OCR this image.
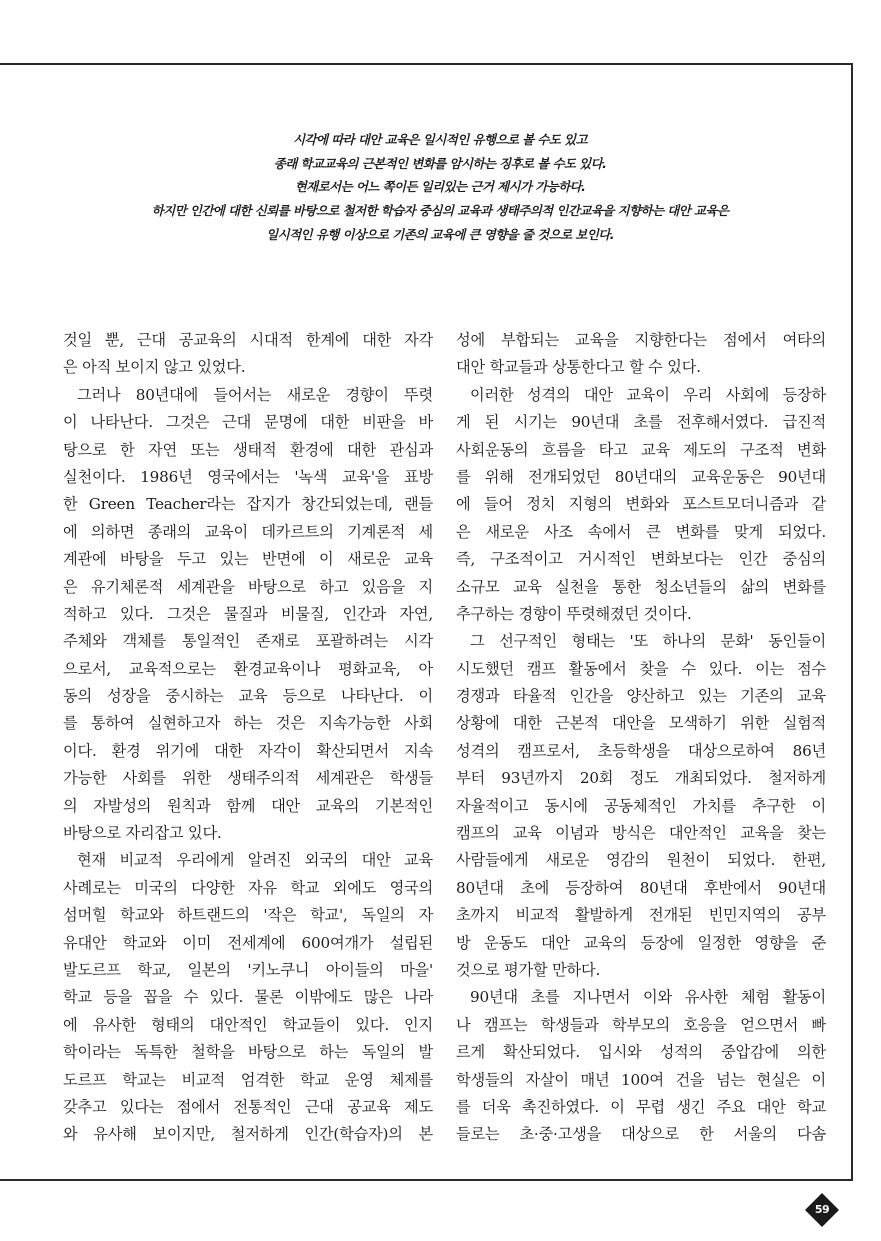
시각에 따라 대안 교육은 일시적인 유행으로 볼 수도 있고
종래 학교교육의 근본적인 변화를 암시하는 징후로 볼 수도 있다.
현재로서는 어느 쪽이든 일리있는 근거 제시가 가능하다.
하지만 인간에 대한 신뢰를 바탕으로 철저한 학습자 중심의 교육과 생태주의적 인간교육을 지향하는 대안 교육은
일시적인 유행 이상으로 기존의 교육에 큰 영향을 줄 것으로 보인다.
것일 뿐, 근대 공교육의 시대적 한계에 대한 자각
은 아직 보이지 않고 있었다.
그러나 80년대에 들어서는 새로운 경향이 뚜렷
이 나타난다. 그것은 근대 문명에 대한 비판을 바
탕으로 한 자연 또는 생태적 환경에 대한 관심과
실천이다. 1986년 영국에서는 '녹색 교육'을 표방
한 Green Teacher라는 잡지가 창간되었는데, 랜들
에 의하면 종래의 교육이 데카르트의 기계론적 세
계관에 바탕을 두고 있는 반면에 이 새로운 교육
은 유기체론적 세계관을 바탕으로 하고 있음을 지
적하고 있다. 그것은 물질과 비물질, 인간과 자연,
주체와 객체를 통일적인 존재로 포괄하려는 시각
으로서, 교육적으로는 환경교육이나 평화교육, 아
동의 성장을 중시하는 교육 등으로 나타난다. 이
를 통하여 실현하고자 하는 것은 지속가능한 사회
이다. 환경 위기에 대한 자각이 확산되면서 지속
가능한 사회를 위한 생태주의적 세계관은 학생들
의 자발성의 원칙과 함께 대안 교육의 기본적인
바탕으로 자리잡고 있다.
현재 비교적 우리에게 알려진 외국의 대안 교육
사례로는 미국의 다양한 자유 학교 외에도 영국의
섬머힐 학교와 하트랜드의 '작은 학교', 독일의 자
유대안 학교와 이미 전세계에 600여개가 설립된
발도르프 학교, 일본의 '키노쿠니 아이들의 마을'
학교 등을 꼽을 수 있다. 물론 이밖에도 많은 나라
에 유사한 형태의 대안적인 학교들이 있다. 인지
학이라는 독특한 철학을 바탕으로 하는 독일의 발
도르프 학교는 비교적 엄격한 학교 운영 체제를
갖추고 있다는 점에서 전통적인 근대 공교육 제도
와 유사해 보이지만, 철저하게 인간(학습자)의 본
성에 부합되는 교육을 지향한다는 점에서 여타의
대안 학교들과 상통한다고 할 수 있다.
이러한 성격의 대안 교육이 우리 사회에 등장하
게 된 시기는 90년대 초를 전후해서였다. 급진적
사회운동의 흐름을 타고 교육 제도의 구조적 변화
를 위해 전개되었던 80년대의 교육운동은 90년대
에 들어 정치 지형의 변화와 포스트모더니즘과 같
은 새로운 사조 속에서 큰 변화를 맞게 되었다.
즉, 구조적이고 거시적인 변화보다는 인간 중심의
소규모 교육 실천을 통한 청소년들의 삶의 변화를
추구하는 경향이 뚜렷해졌던 것이다.
그 선구적인 형태는 '또 하나의 문화' 동인들이
시도했던 캠프 활동에서 찾을 수 있다. 이는 점수
경쟁과 타율적 인간을 양산하고 있는 기존의 교육
상황에 대한 근본적 대안을 모색하기 위한 실험적
성격의 캠프로서, 초등학생을 대상으로하여 86년
부터 93년까지 20회 정도 개최되었다. 철저하게
자율적이고 동시에 공동체적인 가치를 추구한 이
캠프의 교육 이념과 방식은 대안적인 교육을 찾는
사람들에게 새로운 영감의 원천이 되었다. 한편,
80년대 초에 등장하여 80년대 후반에서 90년대
초까지 비교적 활발하게 전개된 빈민지역의 공부
방 운동도 대안 교육의 등장에 일정한 영향을 준
것으로 평가할 만하다.
90년대 초를 지나면서 이와 유사한 체험 활동이
나 캠프는 학생들과 학부모의 호응을 얻으면서 빠
르게 확산되었다. 입시와 성적의 중압감에 의한
학생들의 자살이 매년 100여 건을 넘는 현실은 이
를 더욱 촉진하였다. 이 무렵 생긴 주요 대안 학교
들로는 초·중·고생을 대상으로 한 서울의 다솜
59
